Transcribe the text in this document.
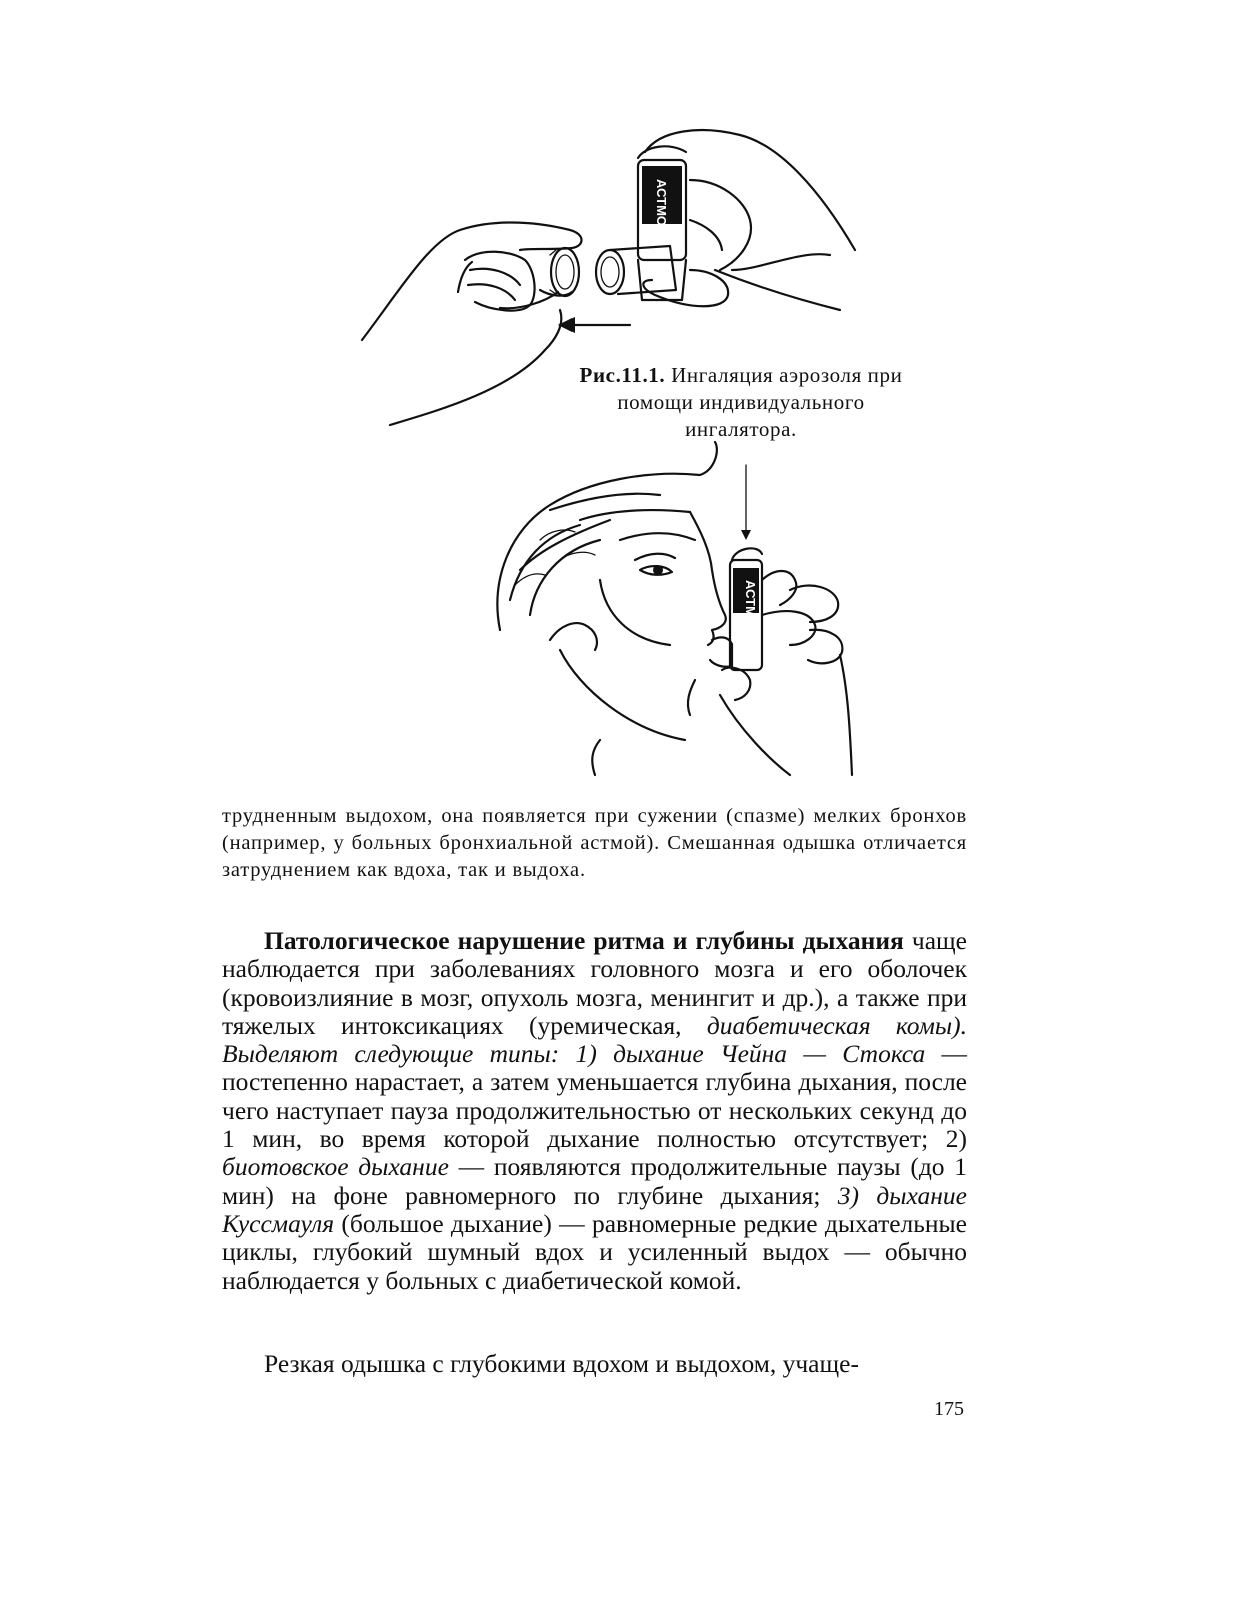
АСТМОП
Рис.11.1. Ингаляция аэрозоля при помощи индивидуального ингалятора.
АСТМ

трудненным выдохом, она появляется при сужении (спазме) мелких бронхов (например, у больных бронхиальной астмой). Смешанная одышка отличается затруднением как вдоха, так и выдоха.

Патологическое нарушение ритма и глубины дыхания чаще наблюдается при заболеваниях головного мозга и его оболочек (кровоизлияние в мозг, опухоль мозга, менингит и др.), а также при тяжелых интоксикациях (уремическая, диабетическая комы). Выделяют следующие типы: 1) дыхание Чейна — Стокса — постепенно нарастает, а затем уменьшается глубина дыхания, после чего наступает пауза продолжительностью от нескольких секунд до 1 мин, во время которой дыхание полностью отсутствует; 2) биотовское дыхание — появляются продолжительные паузы (до 1 мин) на фоне равномерного по глубине дыхания; 3) дыхание Куссмауля (большое дыхание) — равномерные редкие дыхательные циклы, глубокий шумный вдох и усиленный выдох — обычно наблюдается у больных с диабетической комой.

Резкая одышка с глубокими вдохом и выдохом, учаще-

175
